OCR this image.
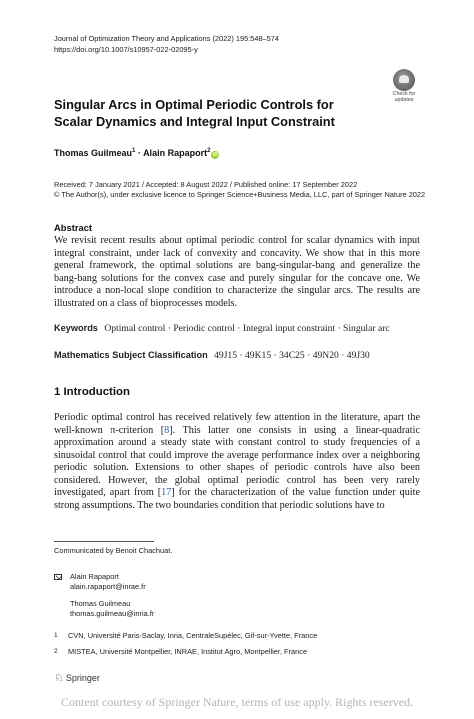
Journal of Optimization Theory and Applications (2022) 195:548–574
https://doi.org/10.1007/s10957-022-02095-y
Check for
updates
Singular Arcs in Optimal Periodic Controls for Scalar Dynamics and Integral Input Constraint
Thomas Guilmeau$^1$ · Alain Rapaport$^2$iD
Received: 7 January 2021 / Accepted: 8 August 2022 / Published online: 17 September 2022
© The Author(s), under exclusive licence to Springer Science+Business Media, LLC, part of Springer Nature 2022
Abstract
We revisit recent results about optimal periodic control for scalar dynamics with input integral constraint, under lack of convexity and concavity. We show that in this more general framework, the optimal solutions are bang-singular-bang and generalize the bang-bang solutions for the convex case and purely singular for the concave one. We introduce a non-local slope condition to characterize the singular arcs. The results are illustrated on a class of bioprocesses models.
Keywords Optimal control · Periodic control · Integral input constraint · Singular arc
Mathematics Subject Classification 49J15 · 49K15 · 34C25 · 49N20 · 49J30
1 Introduction
Periodic optimal control has received relatively few attention in the literature, apart the well-known π-criterion [8]. This latter one consists in using a linear-quadratic approximation around a steady state with constant control to study frequencies of a sinusoidal control that could improve the average performance index over a neighboring periodic solution. Extensions to other shapes of periodic controls have also been considered. However, the global optimal periodic control has been very rarely investigated, apart from [17] for the characterization of the value function under quite strong assumptions. The two boundaries condition that periodic solutions have to
Communicated by Benoit Chachuat.
Alain Rapaport
alain.rapaport@inrae.fr
Thomas Guilmeau
thomas.guilmeau@inria.fr
$^1$ CVN, Université Paris-Saclay, Inria, CentraleSupélec, Gif-sur-Yvette, France
$^2$ MISTEA, Université Montpellier, INRAE, Institut Agro, Montpellier, France
♘ Springer
Content courtesy of Springer Nature, terms of use apply. Rights reserved.
